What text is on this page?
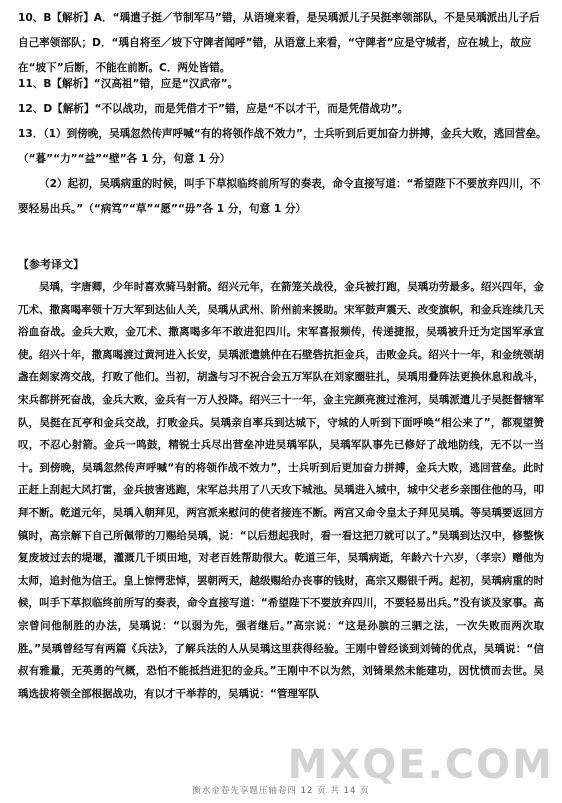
10、B【解析】A．“瑀遣子挺／节制军马”错，从语境来看，是吴瑀派儿子吴挺率领部队，不是吴瑀派出儿子后自己率领部队；D．“瑀自将至／坡下守陴者闻呼”错，从语意上来看，“守陴者”应是守城者，应在城上，故应在“坡下”后断，不能在前断。C．两处皆错。

11、B【解析】“汉高祖”错，应是“汉武帝”。

12、D【解析】“不以战功，而是凭借才干”错，应是“不以才干，而是凭借战功”。

13．（1）到傍晚，吴瑀忽然传声呼喊“有的将领作战不效力”，士兵听到后更加奋力拼搏，金兵大败，逃回营垒。（“暮”“力”“益”“壁”各 1 分，句意 1 分）

（2）起初，吴瑀病重的时候，叫手下草拟临终前所写的奏表，命令直接写道：“希望陛下不要放弃四川，不要轻易出兵。”（“病笃”“草”“愿”“毋”各 1 分，句意 1 分）

【参考译文】

吴瑀，字唐卿，少年时喜欢骑马射箭。绍兴元年，在箭笼关战役，金兵被打跑，吴瑀功劳最多。绍兴四年，金兀术、撒离喝率领十万大军到达仙人关，吴瑀从武州、阶州前来援助。宋军鼓声震天、改变旗帜，和金兵连续几天浴血奋战。金兵大败，金兀术、撒离喝多年不敢进犯四川。宋军喜报频传，传递捷报，吴瑀被升迁为定国军承宣使。绍兴十年，撒离喝渡过黄河进入长安，吴瑀派遣姚仲在石壁砦抗拒金兵，击败金兵。绍兴十一年，和金统领胡盏在剡家湾交战，打败了他们。当初，胡盏与习不祝合会五万军队在刘家圈驻扎，吴瑀用叠阵法更换休息和战斗，宋兵都拼死奋战，金兵大败，金兵有一万人投降。绍兴三十一年，金主完颜亮渡过淮河，吴瑀派遣儿子吴挺督辖军队，吴挺在瓦亭和金兵交战，打败金兵。吴瑀亲自率兵到达城下，守城的人听到下面呼唤“相公来了”，都观望赞叹，不忍心射箭。金兵一鸣鼓，精锐士兵尽出营垒冲进吴瑀军队，吴瑀军队事先已修好了战地防线，无不以一当十。到傍晚，吴瑀忽然传声呼喊“有的将领作战不效力”，士兵听到后更加奋力拼搏，金兵大败，逃回营垒。此时正赶上刮起大风打雷，金兵披害逃跑，宋军总共用了八天攻下城池。吴瑀进入城中，城中父老乡亲围住他的马，叩拜不断。乾道元年，吴瑀入朝拜见，两宫派来慰问的使者接连不断。两宫又命令皇太子拜见吴瑀。等吴瑀要返回方镇时，高宗解下自己所佩带的刀赐给吴瑀，说：“以后想起我时，看一看这把刀就可以了。”吴瑀到达汉中，修整恢复废坡过去的堤堰，灌溉几千顷田地，对老百姓帮助很大。乾道三年，吴瑀病逝，年龄六十六岁，（孝宗）赠他为太师，追封他为信王。皇上惊愕悲悼，罢朝两天，越级赐给办丧事的钱财，高宗又赐银千两。起初，吴瑀病重的时候，叫手下草拟临终前所写的奏表，命令直接写道：“希望陛下不要放弃四川，不要轻易出兵。”没有谈及家事。高宗曾问他制胜的办法，吴瑀说：“以弱为先，强者继后。”高宗说：“这是孙膑的三驷之法，一次失败而两次取胜。”吴瑀曾经写有两篇《兵法》，了解兵法的人从吴瑀这里获得经验。王刚中曾经谈到刘锜的优点，吴瑀说：“信叔有雅量，无英勇的气概，恐怕不能抵挡进犯的金兵。”王刚中不以为然，刘锜果然未能建功，因忧愤而去世。吴瑀选拔将领全部根据战功，有以才干举荐的，吴瑀说：“管理军队

MXQE.COM
衡水金卷先享题压轴卷四 12 页 共 14 页
